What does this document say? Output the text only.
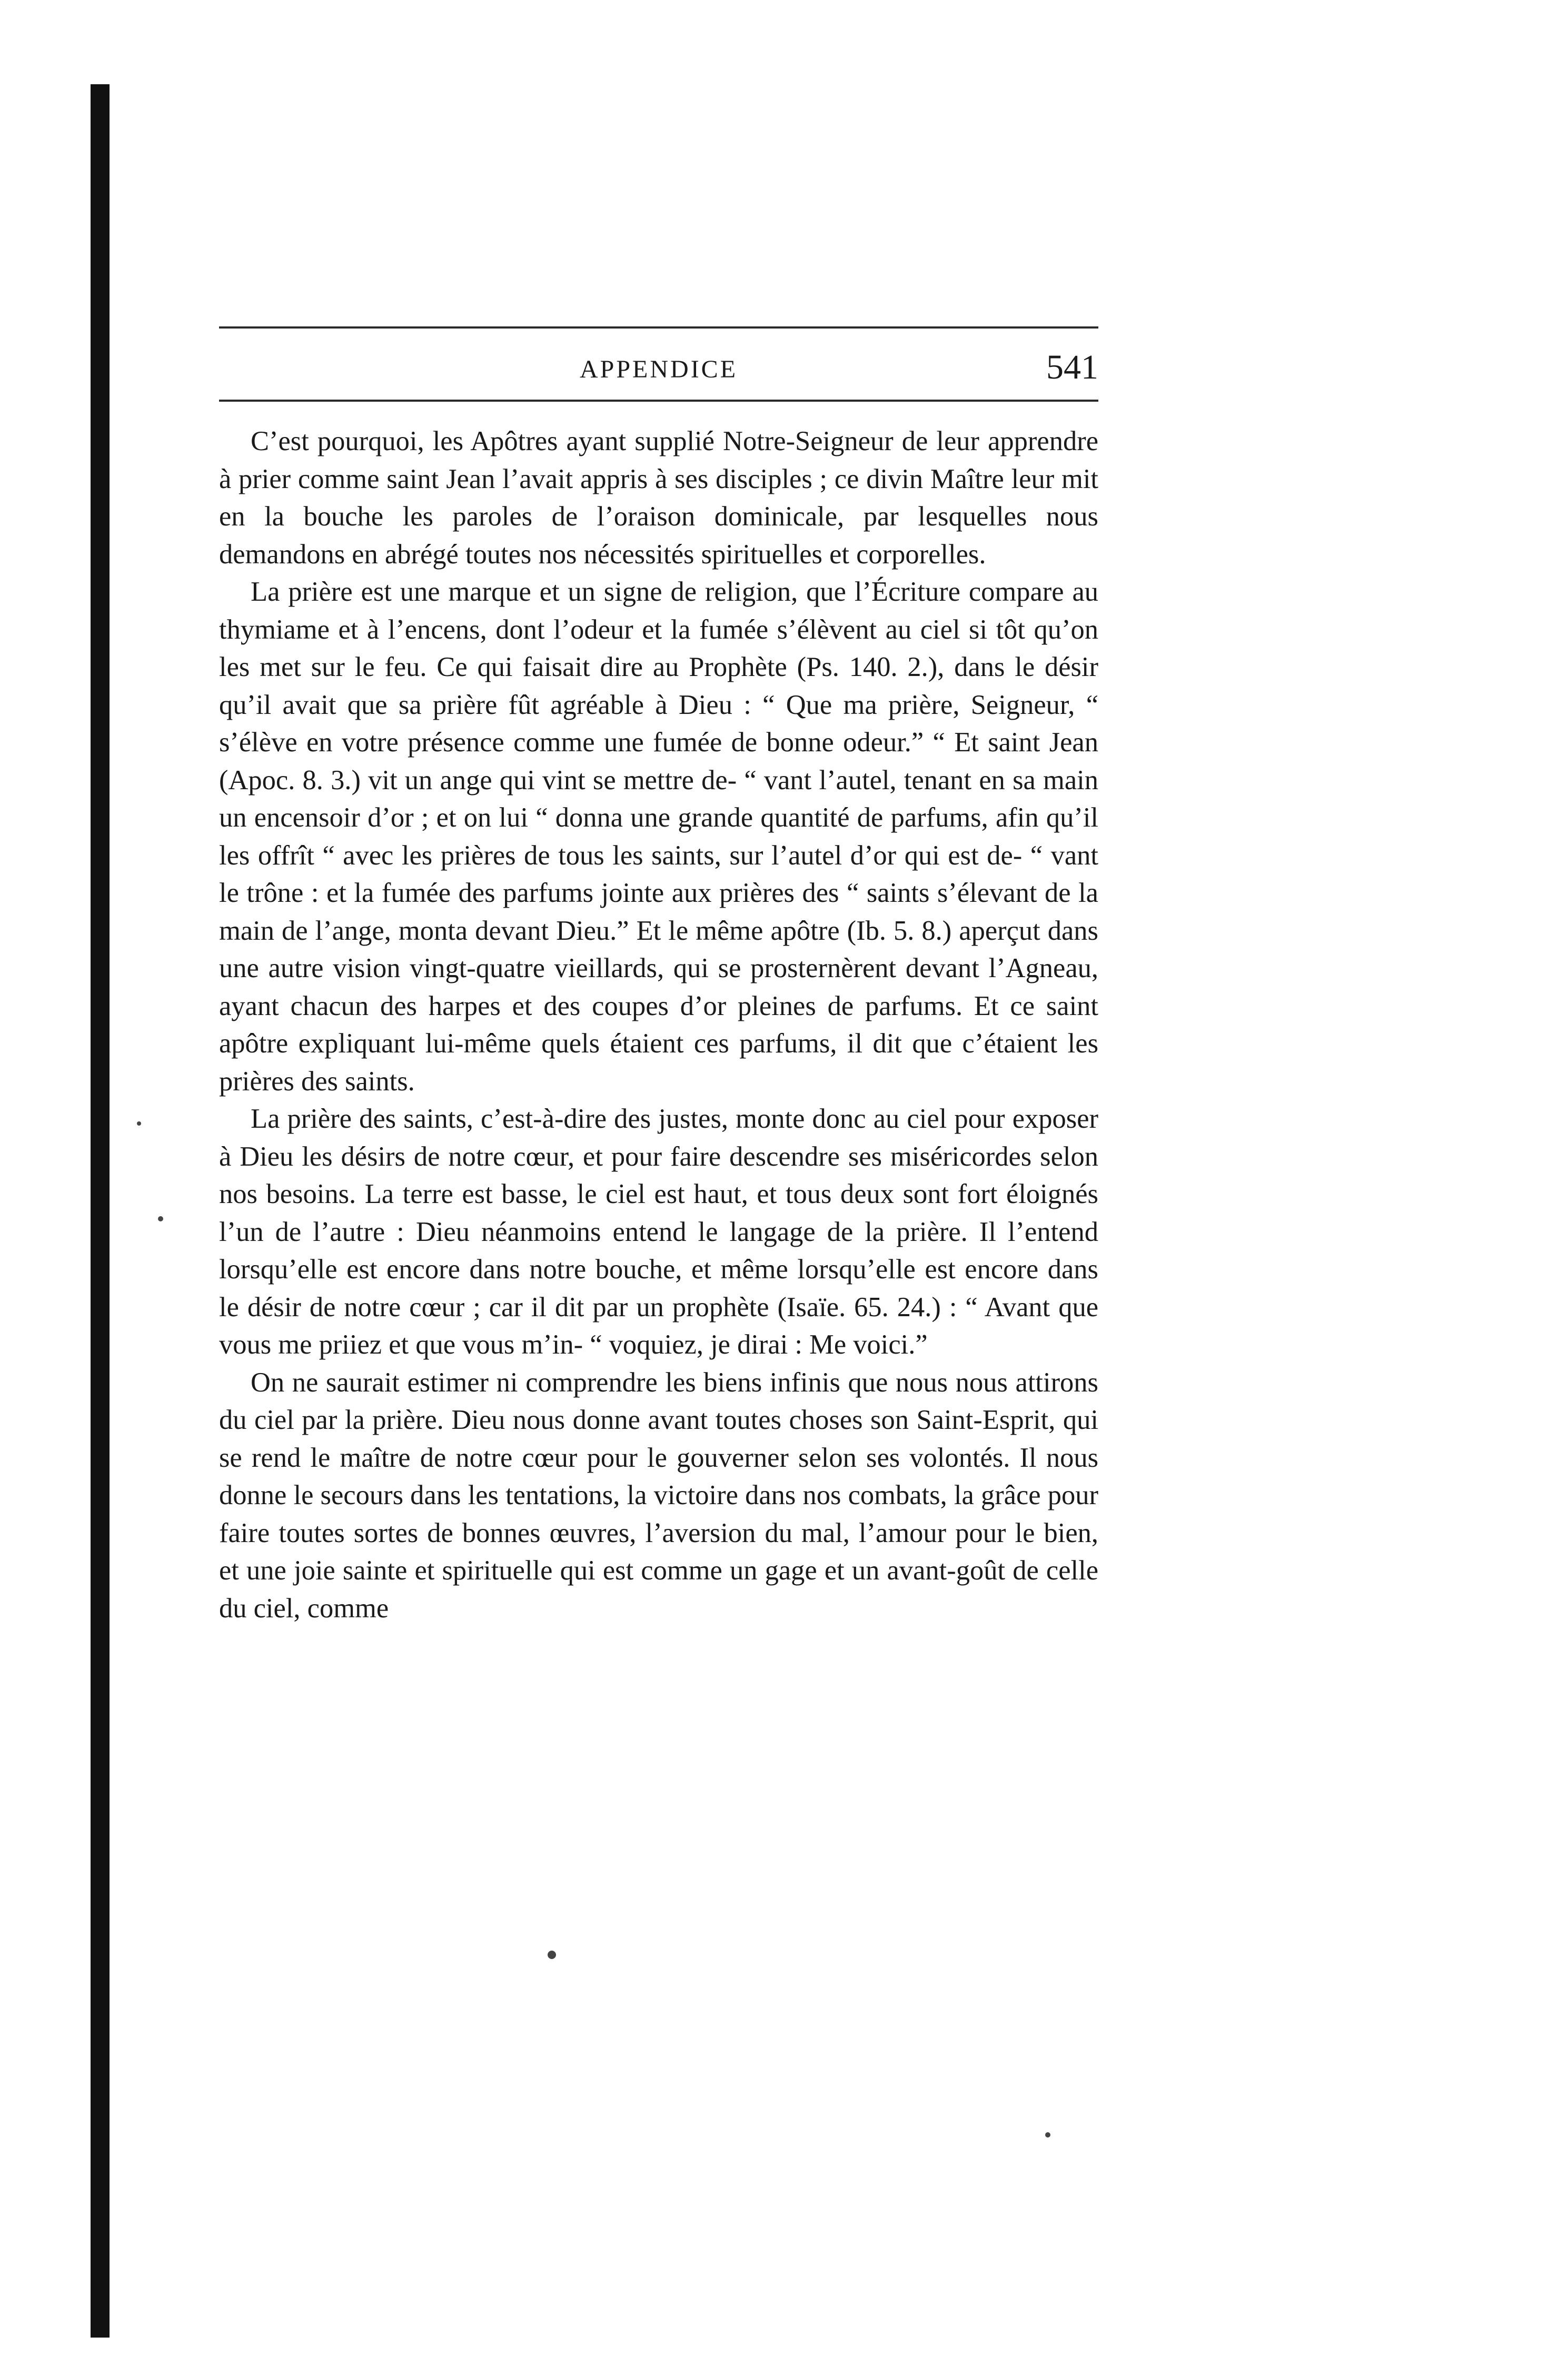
APPENDICE	541

C’est pourquoi, les Apôtres ayant supplié Notre-Seigneur de leur apprendre à prier comme saint Jean l’avait appris à ses disciples ; ce divin Maître leur mit en la bouche les paroles de l’oraison dominicale, par lesquelles nous demandons en abrégé toutes nos nécessités spirituelles et corporelles.

La prière est une marque et un signe de religion, que l’Écriture compare au thymiame et à l’encens, dont l’odeur et la fumée s’élèvent au ciel si tôt qu’on les met sur le feu. Ce qui faisait dire au Prophète (Ps. 140. 2.), dans le désir qu’il avait que sa prière fût agréable à Dieu : “ Que ma prière, Seigneur, “ s’élève en votre présence comme une fumée de bonne odeur.” “ Et saint Jean (Apoc. 8. 3.) vit un ange qui vint se mettre de- “ vant l’autel, tenant en sa main un encensoir d’or ; et on lui “ donna une grande quantité de parfums, afin qu’il les offrît “ avec les prières de tous les saints, sur l’autel d’or qui est de- “ vant le trône : et la fumée des parfums jointe aux prières des “ saints s’élevant de la main de l’ange, monta devant Dieu.” Et le même apôtre (Ib. 5. 8.) aperçut dans une autre vision vingt-quatre vieillards, qui se prosternèrent devant l’Agneau, ayant chacun des harpes et des coupes d’or pleines de parfums. Et ce saint apôtre expliquant lui-même quels étaient ces parfums, il dit que c’étaient les prières des saints.

La prière des saints, c’est-à-dire des justes, monte donc au ciel pour exposer à Dieu les désirs de notre cœur, et pour faire descendre ses miséricordes selon nos besoins. La terre est basse, le ciel est haut, et tous deux sont fort éloignés l’un de l’autre : Dieu néanmoins entend le langage de la prière. Il l’entend lorsqu’elle est encore dans notre bouche, et même lorsqu’elle est encore dans le désir de notre cœur ; car il dit par un prophète (Isaïe. 65. 24.) : “ Avant que vous me priiez et que vous m’in- “ voquiez, je dirai : Me voici.”

On ne saurait estimer ni comprendre les biens infinis que nous nous attirons du ciel par la prière. Dieu nous donne avant toutes choses son Saint-Esprit, qui se rend le maître de notre cœur pour le gouverner selon ses volontés. Il nous donne le secours dans les tentations, la victoire dans nos combats, la grâce pour faire toutes sortes de bonnes œuvres, l’aversion du mal, l’amour pour le bien, et une joie sainte et spirituelle qui est comme un gage et un avant-goût de celle du ciel, comme
